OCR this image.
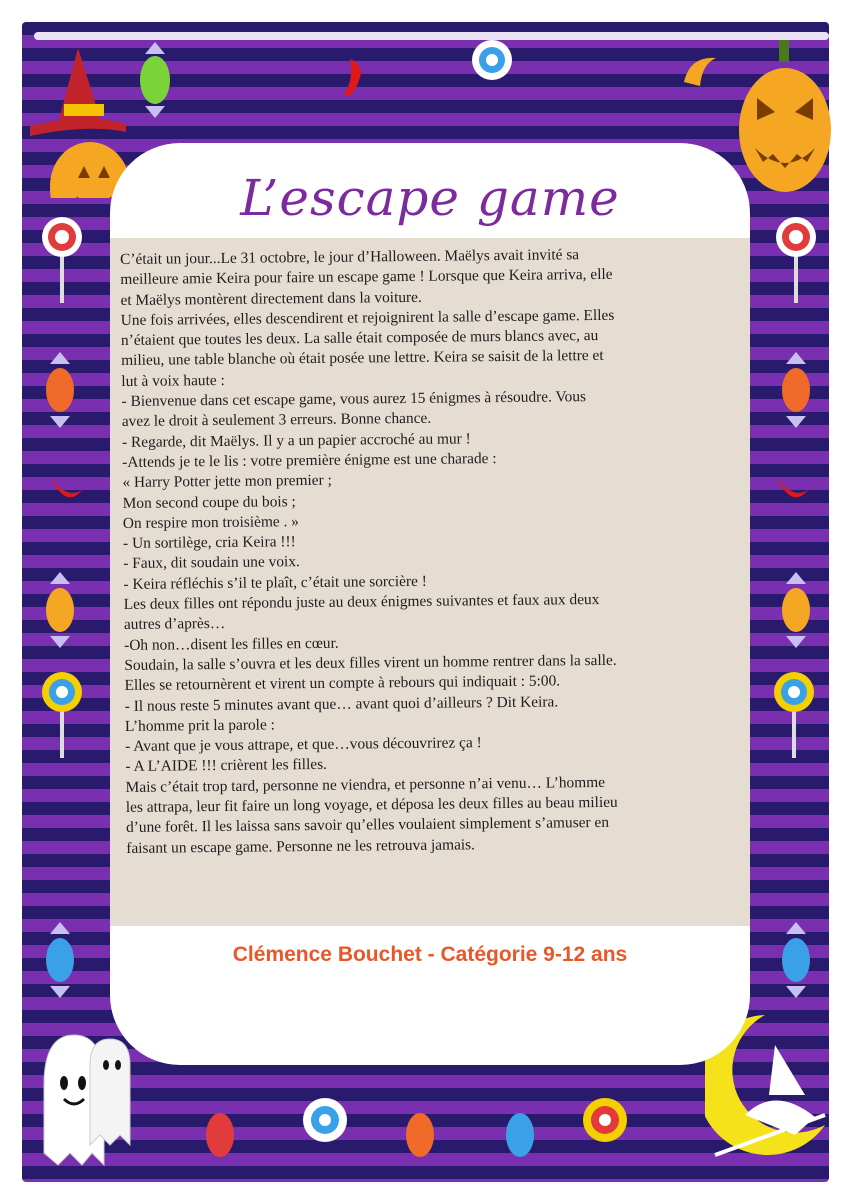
L’escape game

C’était un jour...Le 31 octobre, le jour d’Halloween. Maëlys avait invité sa

meilleure amie Keira pour faire un escape game ! Lorsque que Keira arriva, elle

et Maëlys montèrent directement dans la voiture.

Une fois arrivées, elles descendirent et rejoignirent la salle d’escape game. Elles

n’étaient que toutes les deux. La salle était composée de murs blancs avec, au

milieu, une table blanche où était posée une lettre. Keira se saisit de la lettre et

lut à voix haute :

- Bienvenue dans cet escape game, vous aurez 15 énigmes à résoudre. Vous

avez le droit à seulement 3 erreurs. Bonne chance.

- Regarde, dit Maëlys. Il y a un papier accroché au mur !

-Attends je te le lis : votre première énigme est une charade :

« Harry Potter jette mon premier ;

Mon second coupe du bois ;

On respire mon troisième . »

- Un sortilège, cria Keira !!!

- Faux, dit soudain une voix.

- Keira réfléchis s’il te plaît, c’était une sorcière !

Les deux filles ont répondu juste au deux énigmes suivantes et faux aux deux

autres d’après…

-Oh non…disent les filles en cœur.

Soudain, la salle s’ouvra et les deux filles virent un homme rentrer dans la salle.

Elles se retournèrent et virent un compte à rebours qui indiquait : 5:00.

- Il nous reste 5 minutes avant que… avant quoi d’ailleurs ? Dit Keira.

L’homme prit la parole :

- Avant que je vous attrape, et que…vous découvrirez ça !

- A L’AIDE !!! crièrent les filles.

Mais c’était trop tard, personne ne viendra, et personne n’ai venu… L’homme

les attrapa, leur fit faire un long voyage, et déposa les deux filles au beau milieu

d’une forêt. Il les laissa sans savoir qu’elles voulaient simplement s’amuser en

faisant un escape game. Personne ne les retrouva jamais.

Clémence Bouchet - Catégorie 9-12 ans
